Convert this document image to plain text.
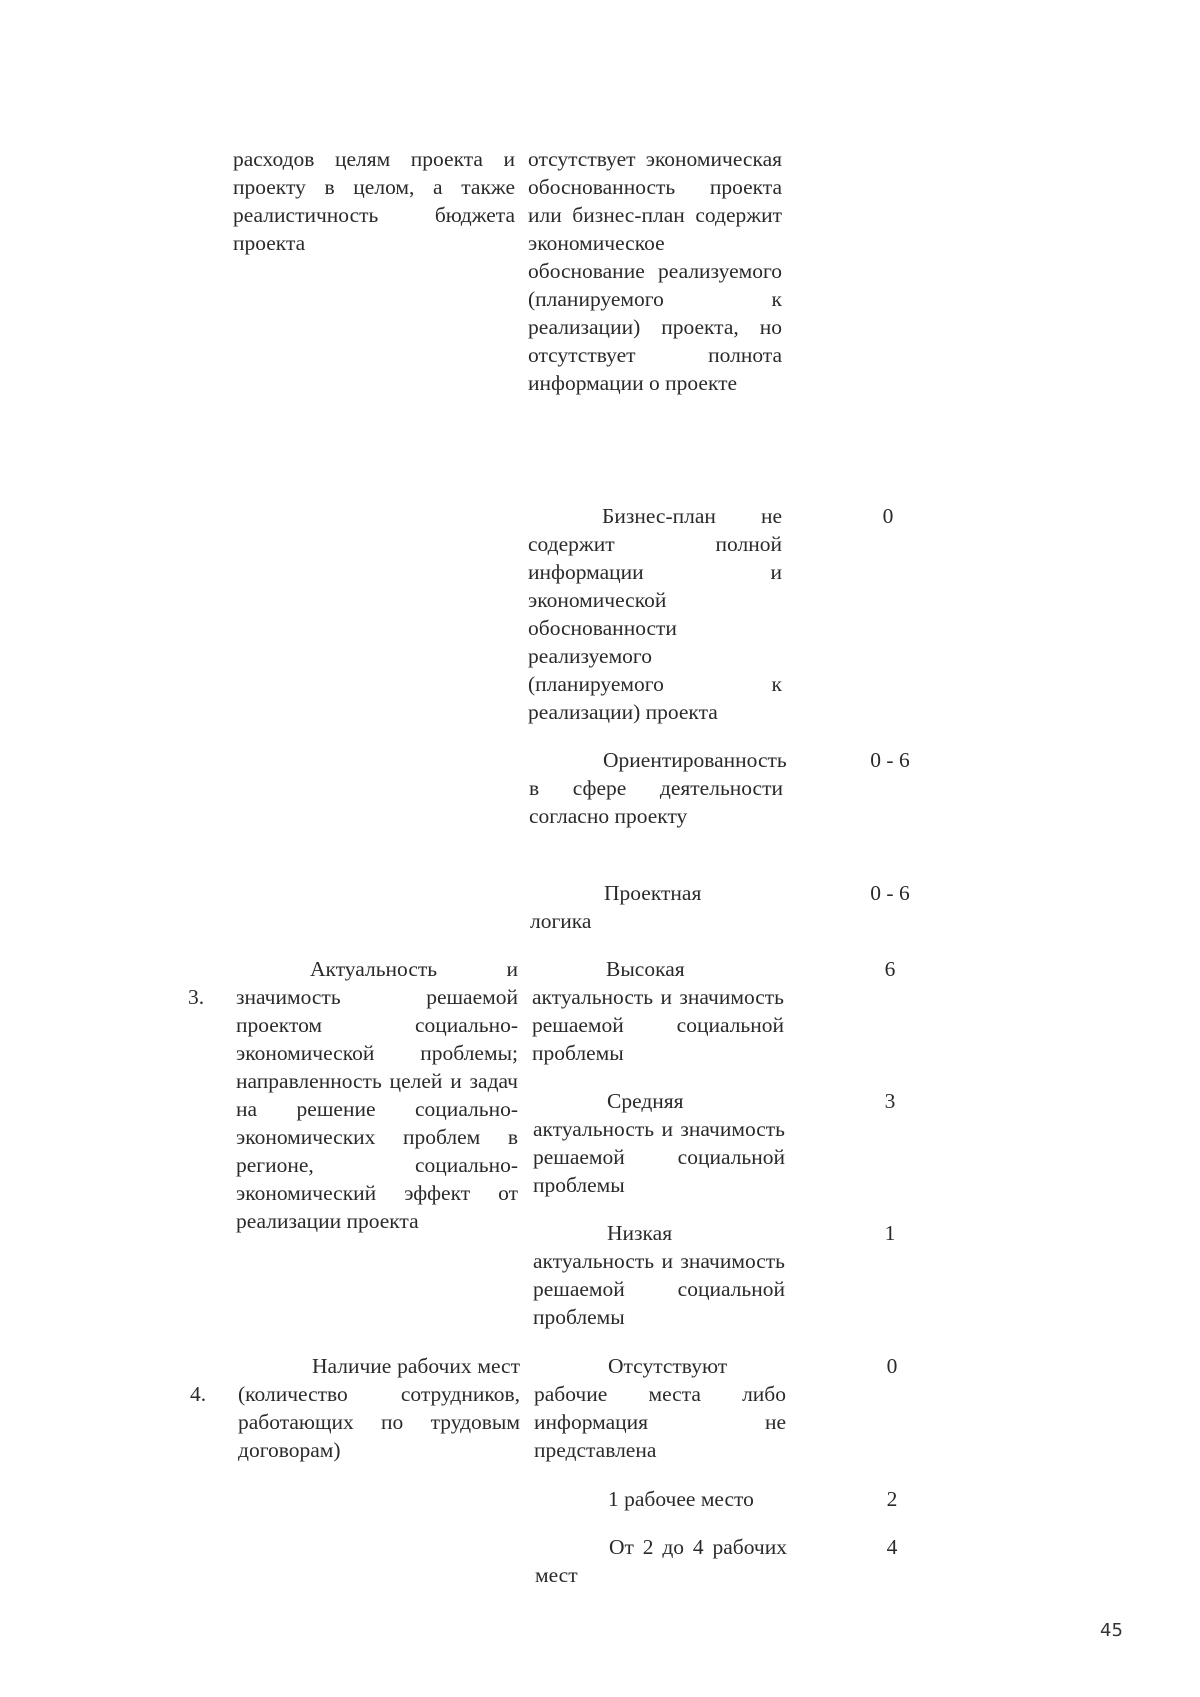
расходов целям проекта и проекту в целом, а также реалистичность бюджета проекта
отсутствует экономическая обоснованность проекта или бизнес-план содержит экономическое обоснование реализуемого (планируемого к реализации) проекта, но отсутствует полнота информации о проекте
Бизнес-план не содержит полной информации и экономической обоснованности реализуемого (планируемого к реализации) проекта
0
Ориентированность в сфере деятельности согласно проекту
0 - 6
Проектная логика
0 - 6
3.
Актуальность и значимость решаемой проектом социально-экономической проблемы; направленность целей и задач на решение социально-экономических проблем в регионе, социально-экономический эффект от реализации проекта
Высокая актуальность и значимость решаемой социальной проблемы
6
Средняя актуальность и значимость решаемой социальной проблемы
3
Низкая актуальность и значимость решаемой социальной проблемы
1
4.
Наличие рабочих мест (количество сотрудников, работающих по трудовым договорам)
Отсутствуют рабочие места либо информация не представлена
0
1 рабочее место	2
От 2 до 4 рабочих мест
4
45
